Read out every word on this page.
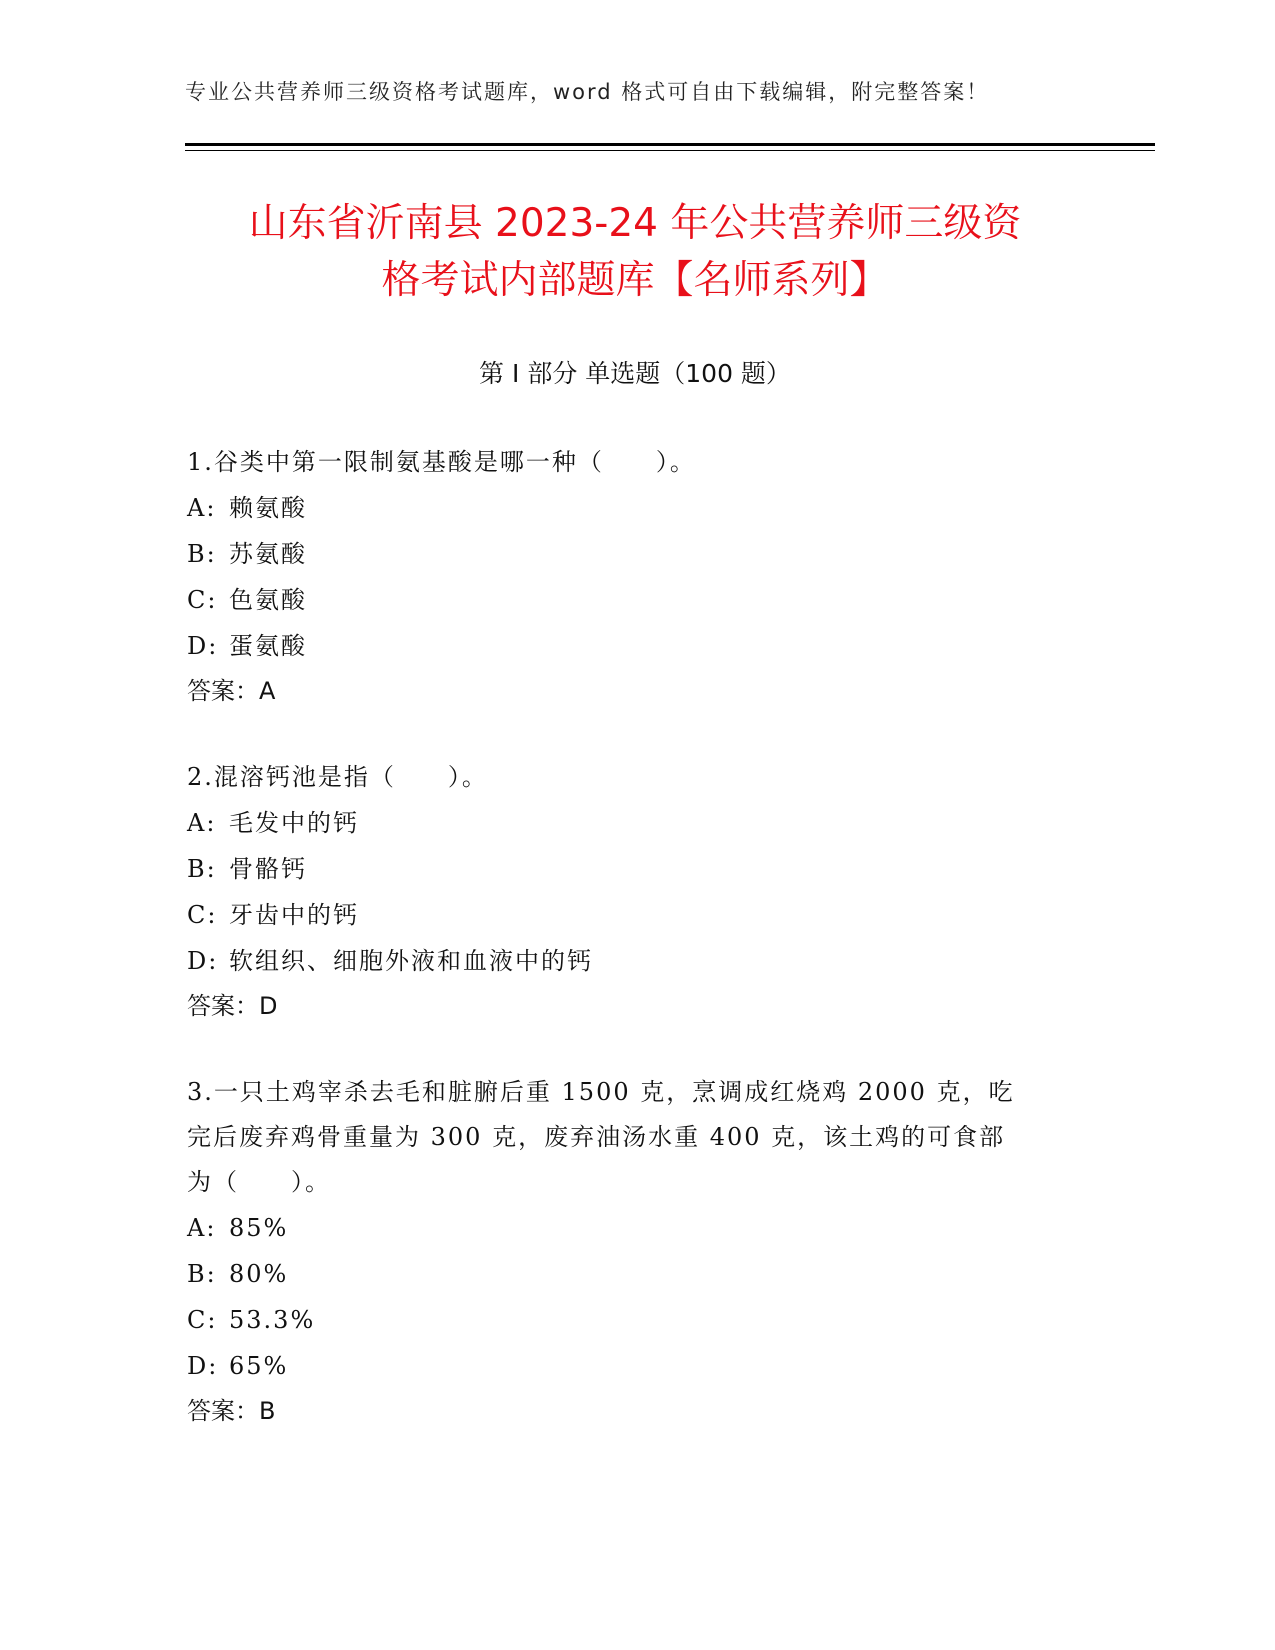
专业公共营养师三级资格考试题库，word 格式可自由下载编辑，附完整答案！
山东省沂南县 2023-24 年公共营养师三级资
格考试内部题库【名师系列】
第 I 部分 单选题（100 题）
1.谷类中第一限制氨基酸是哪一种（　　）。
A: 赖氨酸
B: 苏氨酸
C: 色氨酸
D: 蛋氨酸
答案：A
2.混溶钙池是指（　　）。
A: 毛发中的钙
B: 骨骼钙
C: 牙齿中的钙
D: 软组织、细胞外液和血液中的钙
答案：D
3.一只土鸡宰杀去毛和脏腑后重 1500 克，烹调成红烧鸡 2000 克，吃
完后废弃鸡骨重量为 300 克，废弃油汤水重 400 克，该土鸡的可食部
为（　　）。
A: 85%
B: 80%
C: 53.3%
D: 65%
答案：B
